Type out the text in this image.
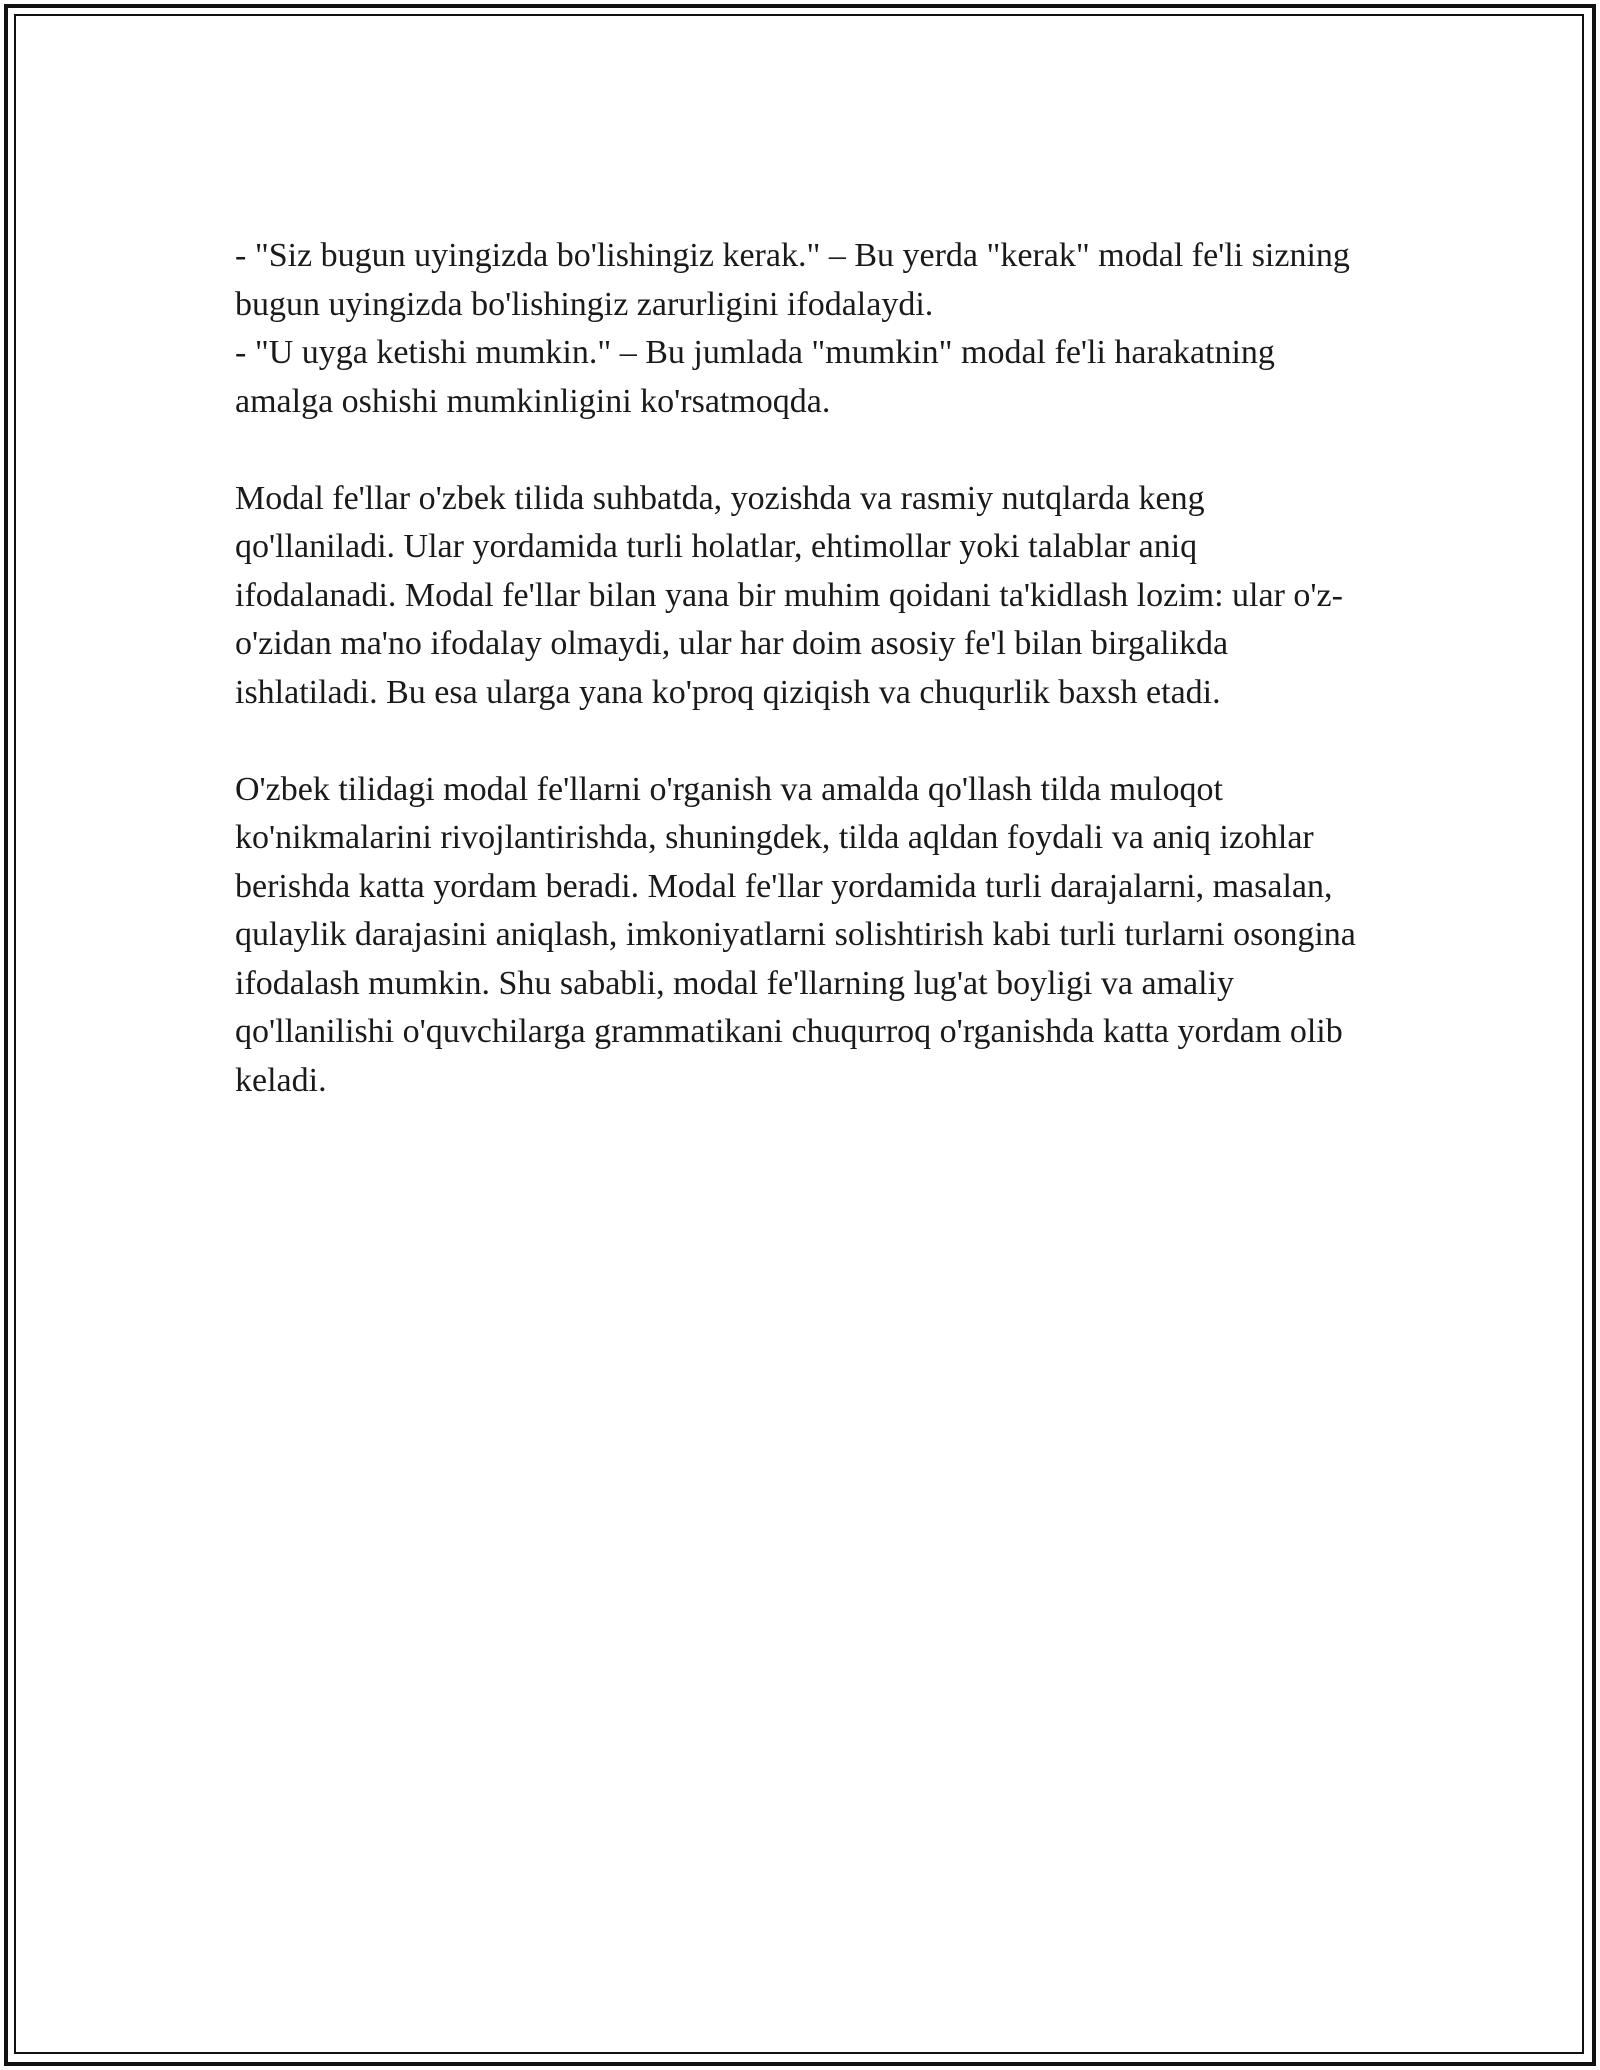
- "Siz bugun uyingizda bo'lishingiz kerak." – Bu yerda "kerak" modal fe'li sizning bugun uyingizda bo'lishingiz zarurligini ifodalaydi.

- "U uyga ketishi mumkin." – Bu jumlada "mumkin" modal fe'li harakatning amalga oshishi mumkinligini ko'rsatmoqda.

Modal fe'llar o'zbek tilida suhbatda, yozishda va rasmiy nutqlarda keng qo'llaniladi. Ular yordamida turli holatlar, ehtimollar yoki talablar aniq ifodalanadi. Modal fe'llar bilan yana bir muhim qoidani ta'kidlash lozim: ular o'z-o'zidan ma'no ifodalay olmaydi, ular har doim asosiy fe'l bilan birgalikda ishlatiladi. Bu esa ularga yana ko'proq qiziqish va chuqurlik baxsh etadi.

O'zbek tilidagi modal fe'llarni o'rganish va amalda qo'llash tilda muloqot ko'nikmalarini rivojlantirishda, shuningdek, tilda aqldan foydali va aniq izohlar berishda katta yordam beradi. Modal fe'llar yordamida turli darajalarni, masalan, qulaylik darajasini aniqlash, imkoniyatlarni solishtirish kabi turli turlarni osongina ifodalash mumkin. Shu sababli, modal fe'llarning lug'at boyligi va amaliy qo'llanilishi o'quvchilarga grammatikani chuqurroq o'rganishda katta yordam olib keladi.
